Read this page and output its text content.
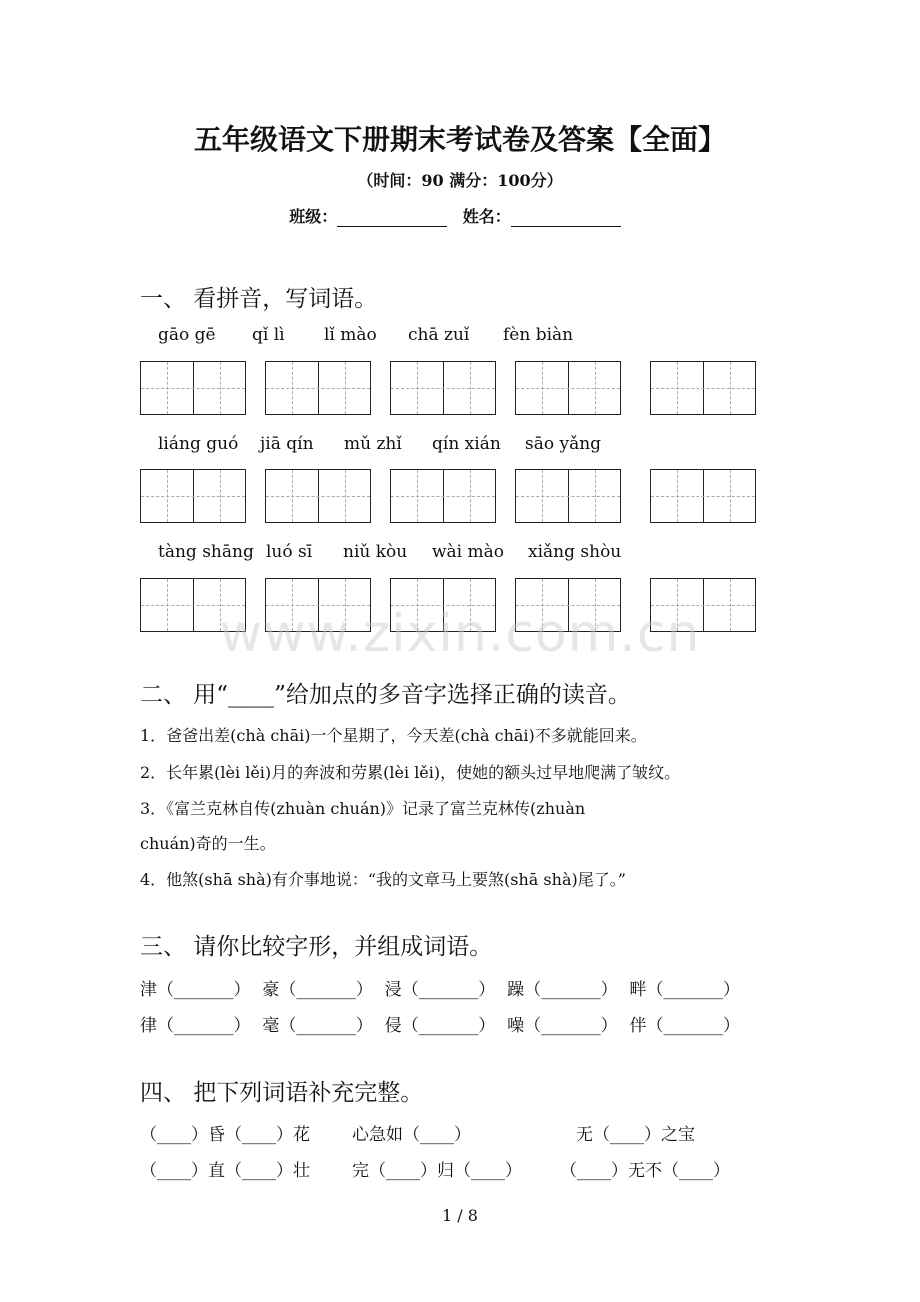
五年级语文下册期末考试卷及答案【全面】
（时间：90 满分：100分）
班级：	姓名：
一、 看拼音，写词语。
gāo gē qǐ lì lǐ mào chā zuǐ fèn biàn
liáng guó jiā qín mǔ zhǐ qín xián sāo yǎng
tàng shāng luó sī niǔ kòu wài mào xiǎng shòu
www.zixin.com.cn
二、 用“____”给加点的多音字选择正确的读音。
1．爸爸出差(chà chāi)一个星期了，今天差(chà chāi)不多就能回来。
2．长年累(lèi lěi)月的奔波和劳累(lèi lěi)，使她的额头过早地爬满了皱纹。
3．《富兰克林自传(zhuàn chuán)》记录了富兰克林传(zhuàn
chuán)奇的一生。
4．他煞(shā shà)有介事地说：“我的文章马上要煞(shā shà)尾了。”
三、 请你比较字形，并组成词语。
津（_______） 豪（_______） 浸（_______） 躁（_______） 畔（_______）
律（_______） 毫（_______） 侵（_______） 噪（_______） 伴（_______）
四、 把下列词语补充完整。
（____）昏（____）花 心急如（____）	无（____）之宝
（____）直（____）壮 完（____）归（____） （____）无不（____）
1 / 8
